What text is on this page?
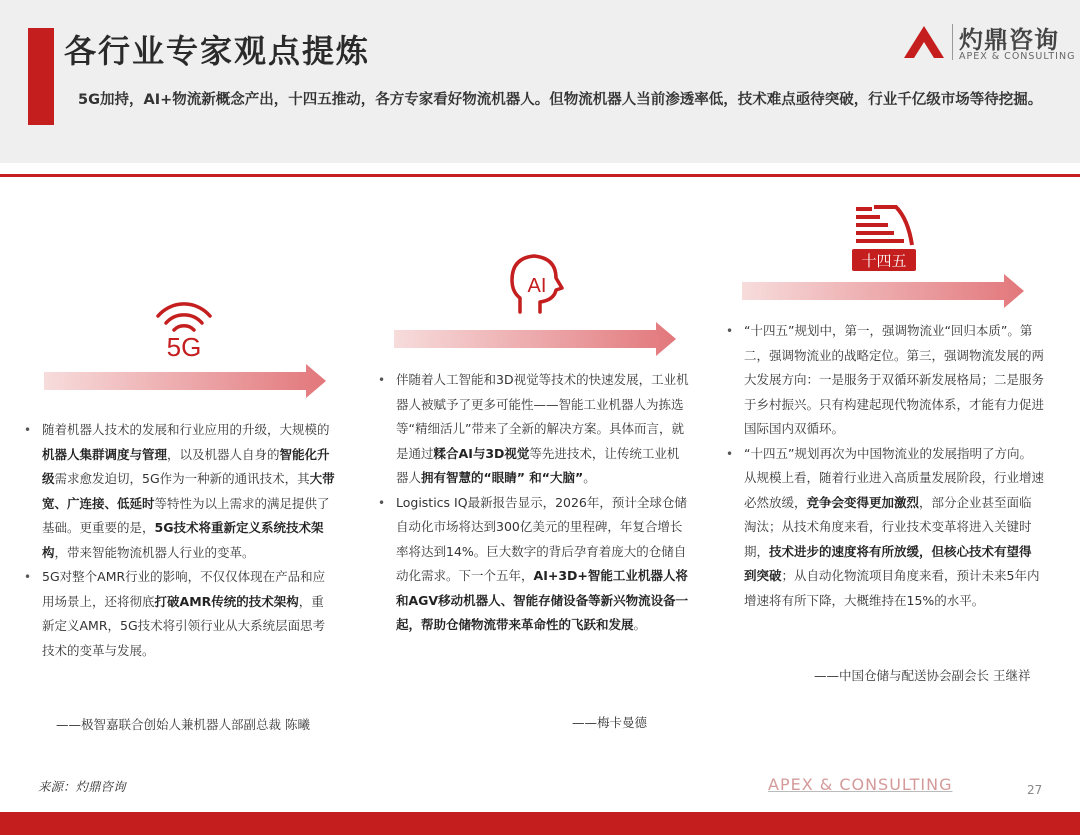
各行业专家观点提炼
5G加持，AI+物流新概念产出，十四五推动，各方专家看好物流机器人。但物流机器人当前渗透率低，技术难点亟待突破，行业千亿级市场等待挖掘。
灼鼎咨询
APEX & CONSULTING
5G
AI
十四五
• 随着机器人技术的发展和行业应用的升级，大规模的机器人集群调度与管理，以及机器人自身的智能化升级需求愈发迫切，5G作为一种新的通讯技术，其大带宽、广连接、低延时等特性为以上需求的满足提供了基础。更重要的是，5G技术将重新定义系统技术架构，带来智能物流机器人行业的变革。
• 5G对整个AMR行业的影响，不仅仅体现在产品和应用场景上，还将彻底打破AMR传统的技术架构，重新定义AMR，5G技术将引领行业从大系统层面思考技术的变革与发展。
——极智嘉联合创始人兼机器人部副总裁 陈曦
• 伴随着人工智能和3D视觉等技术的快速发展，工业机器人被赋予了更多可能性——智能工业机器人为拣选等“精细活儿”带来了全新的解决方案。具体而言，就是通过糅合AI与3D视觉等先进技术，让传统工业机器人拥有智慧的“眼睛” 和“大脑”。
• Logistics IQ最新报告显示，2026年，预计全球仓储自动化市场将达到300亿美元的里程碑，年复合增长率将达到14%。巨大数字的背后孕育着庞大的仓储自动化需求。下一个五年，AI+3D+智能工业机器人将和AGV移动机器人、智能存储设备等新兴物流设备一起，帮助仓储物流带来革命性的飞跃和发展。
——梅卡曼德
• “十四五”规划中，第一，强调物流业“回归本质”。第二，强调物流业的战略定位。第三，强调物流发展的两大发展方向：一是服务于双循环新发展格局；二是服务于乡村振兴。只有构建起现代物流体系，才能有力促进国际国内双循环。
• “十四五”规划再次为中国物流业的发展指明了方向。从规模上看，随着行业进入高质量发展阶段，行业增速必然放缓，竞争会变得更加激烈，部分企业甚至面临淘汰；从技术角度来看，行业技术变革将进入关键时期，技术进步的速度将有所放缓，但核心技术有望得到突破；从自动化物流项目角度来看，预计未来5年内增速将有所下降，大概维持在15%的水平。
——中国仓储与配送协会副会长 王继祥
来源：灼鼎咨询	APEX & CONSULTING	27
